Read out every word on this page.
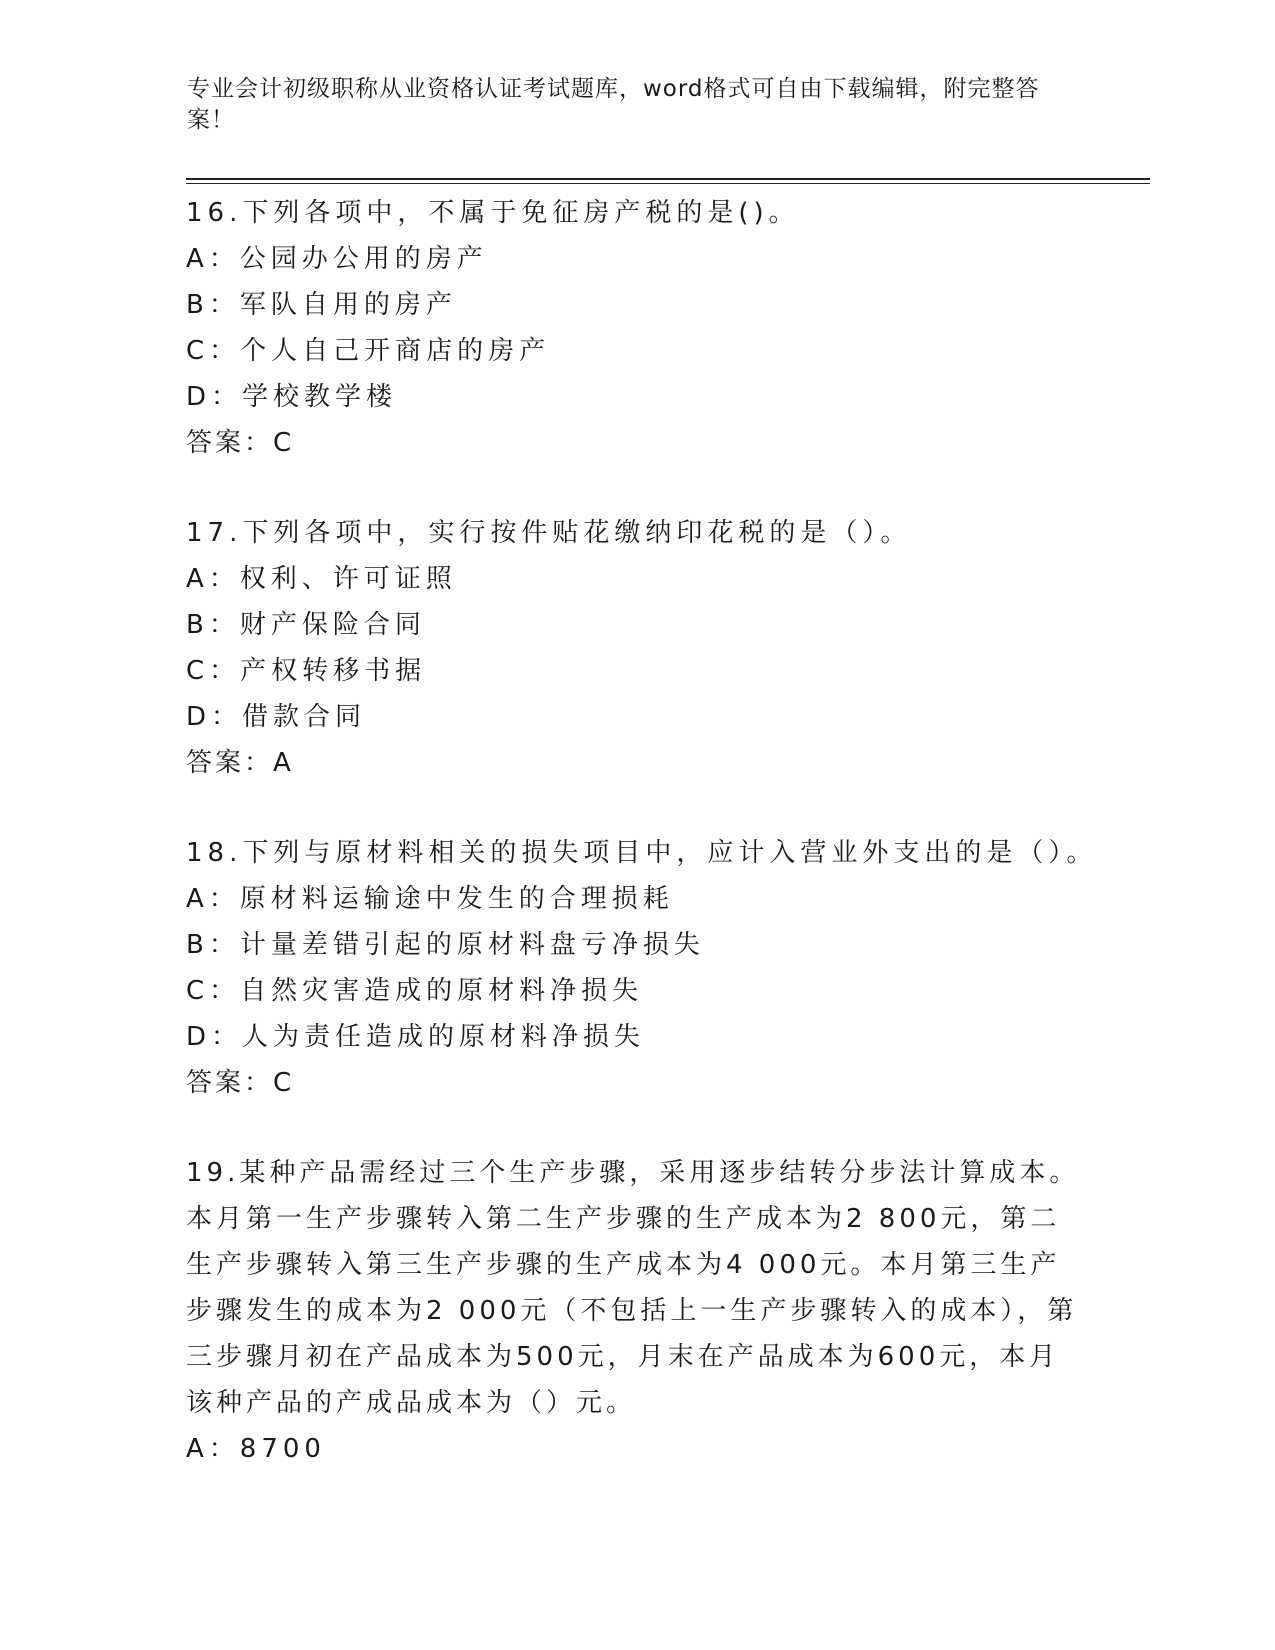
专业会计初级职称从业资格认证考试题库，word格式可自由下载编辑，附完整答案！
16.下列各项中，不属于免征房产税的是()。
A：公园办公用的房产
B：军队自用的房产
C：个人自己开商店的房产
D：学校教学楼
答案：C
17.下列各项中，实行按件贴花缴纳印花税的是（）。
A：权利、许可证照
B：财产保险合同
C：产权转移书据
D：借款合同
答案：A
18.下列与原材料相关的损失项目中，应计入营业外支出的是（）。
A：原材料运输途中发生的合理损耗
B：计量差错引起的原材料盘亏净损失
C：自然灾害造成的原材料净损失
D：人为责任造成的原材料净损失
答案：C
19.某种产品需经过三个生产步骤，采用逐步结转分步法计算成本。本月第一生产步骤转入第二生产步骤的生产成本为2 800元，第二生产步骤转入第三生产步骤的生产成本为4 000元。本月第三生产步骤发生的成本为2 000元（不包括上一生产步骤转入的成本），第三步骤月初在产品成本为500元，月末在产品成本为600元，本月该种产品的产成品成本为（）元。
A：8700
